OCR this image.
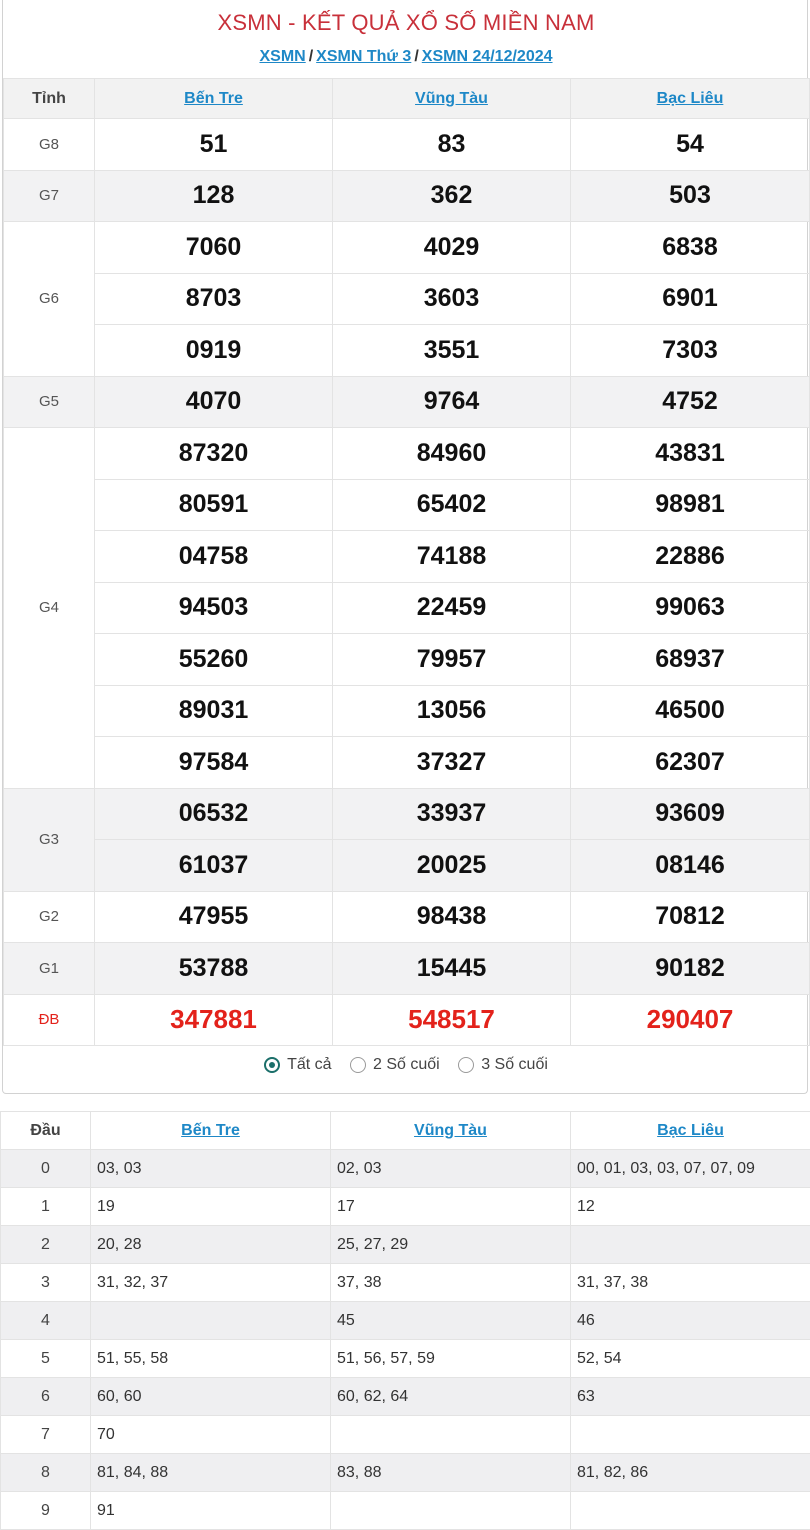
XSMN - KẾT QUẢ XỔ SỐ MIỀN NAM
XSMN / XSMN Thứ 3 / XSMN 24/12/2024
Tỉnh	Bến Tre	Vũng Tàu	Bạc Liêu
G8	51	83	54
G7	128	362	503
G6	7060	4029	6838
	8703	3603	6901
	0919	3551	7303
G5	4070	9764	4752
G4	87320	84960	43831
	80591	65402	98981
	04758	74188	22886
	94503	22459	99063
	55260	79957	68937
	89031	13056	46500
	97584	37327	62307
G3	06532	33937	93609
	61037	20025	08146
G2	47955	98438	70812
G1	53788	15445	90182
ĐB	347881	548517	290407
Tất cả
	2 Số cuối
	3 Số cuối
Đầu	Bến Tre	Vũng Tàu	Bạc Liêu
0	03, 03	02, 03	00, 01, 03, 03, 07, 07, 09
1	19	17	12
2	20, 28	25, 27, 29	
3	31, 32, 37	37, 38	31, 37, 38
4		45	46
5	51, 55, 58	51, 56, 57, 59	52, 54
6	60, 60	60, 62, 64	63
7	70		
8	81, 84, 88	83, 88	81, 82, 86
9	91		
